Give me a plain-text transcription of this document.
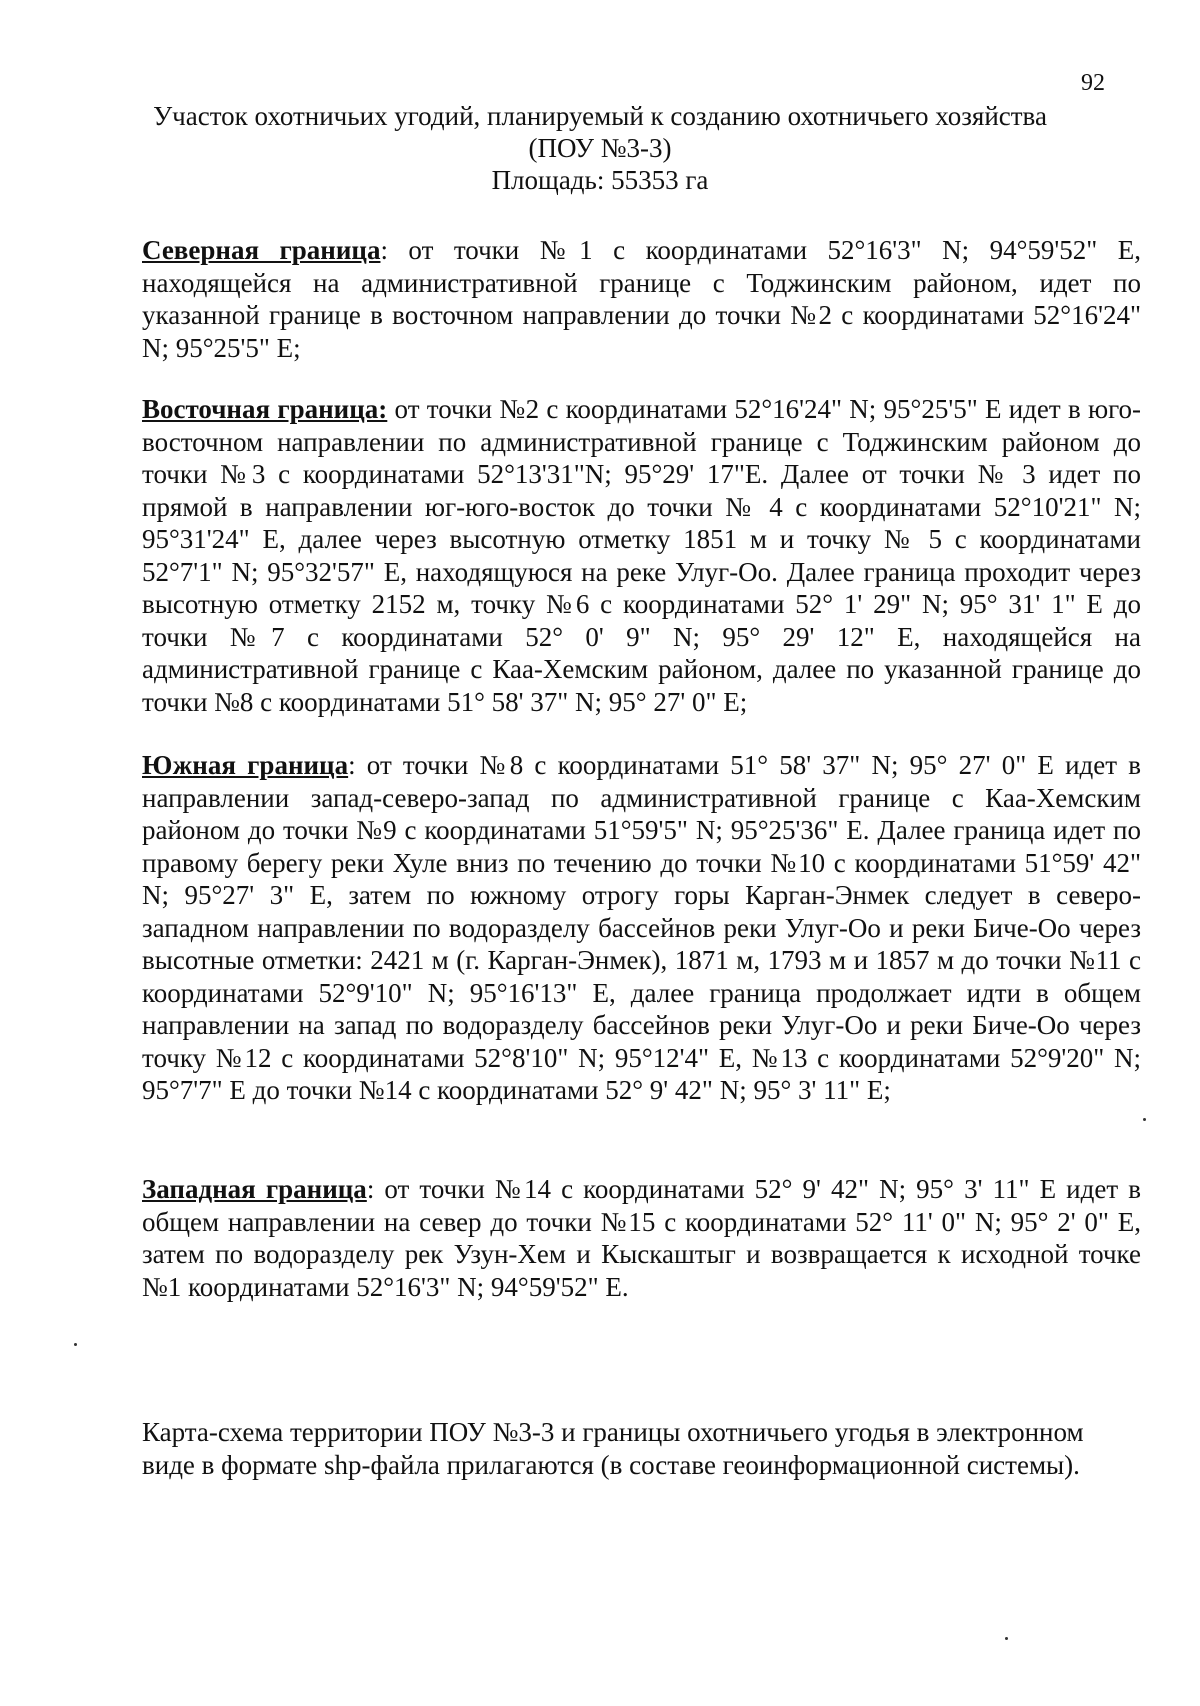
92
Участок охотничьих угодий, планируемый к созданию охотничьего хозяйства
(ПОУ №3-3)
Площадь: 55353 га
Северная граница: от точки №1 с координатами 52°16'3" N; 94°59'52" E, находящейся на административной границе с Тоджинским районом, идет по указанной границе в восточном направлении до точки №2 с координатами 52°16'24" N; 95°25'5" E;
Восточная граница: от точки №2 с координатами 52°16'24" N; 95°25'5" E идет в юго-восточном направлении по административной границе с Тоджинским районом до точки №3 с координатами 52°13'31"N; 95°29' 17"E. Далее от точки № 3 идет по прямой в направлении юг-юго-восток до точки № 4 с координатами 52°10'21" N; 95°31'24" E, далее через высотную отметку 1851 м и точку № 5 с координатами 52°7'1" N; 95°32'57" E, находящуюся на реке Улуг-Оо. Далее граница проходит через высотную отметку 2152 м, точку №6 с координатами 52° 1' 29" N; 95° 31' 1" E до точки №7 с координатами 52° 0' 9" N; 95° 29' 12" E, находящейся на административной границе с Каа-Хемским районом, далее по указанной границе до точки №8 с координатами 51° 58' 37" N; 95° 27' 0" E;
Южная граница: от точки №8 с координатами 51° 58' 37" N; 95° 27' 0" E идет в направлении запад-северо-запад по административной границе с Каа-Хемским районом до точки №9 с координатами 51°59'5" N; 95°25'36" E. Далее граница идет по правому берегу реки Хуле вниз по течению до точки №10 с координатами 51°59' 42" N; 95°27' 3" E, затем по южному отрогу горы Карган-Энмек следует в северо-западном направлении по водоразделу бассейнов реки Улуг-Оо и реки Биче-Оо через высотные отметки: 2421 м (г. Карган-Энмек), 1871 м, 1793 м и 1857 м до точки №11 с координатами 52°9'10" N; 95°16'13" E, далее граница продолжает идти в общем направлении на запад по водоразделу бассейнов реки Улуг-Оо и реки Биче-Оо через точку №12 с координатами 52°8'10" N; 95°12'4" E, №13 с координатами 52°9'20" N; 95°7'7" E до точки №14 с координатами 52° 9' 42" N; 95° 3' 11" E;
Западная граница: от точки №14 с координатами 52° 9' 42" N; 95° 3' 11" E идет в общем направлении на север до точки №15 с координатами 52° 11' 0" N; 95° 2' 0" E, затем по водоразделу рек Узун-Хем и Кыскаштыг и возвращается к исходной точке №1 координатами 52°16'3" N; 94°59'52" E.
Карта-схема территории ПОУ №3-3 и границы охотничьего угодья в электронном виде в формате shp-файла прилагаются (в составе геоинформационной системы).
